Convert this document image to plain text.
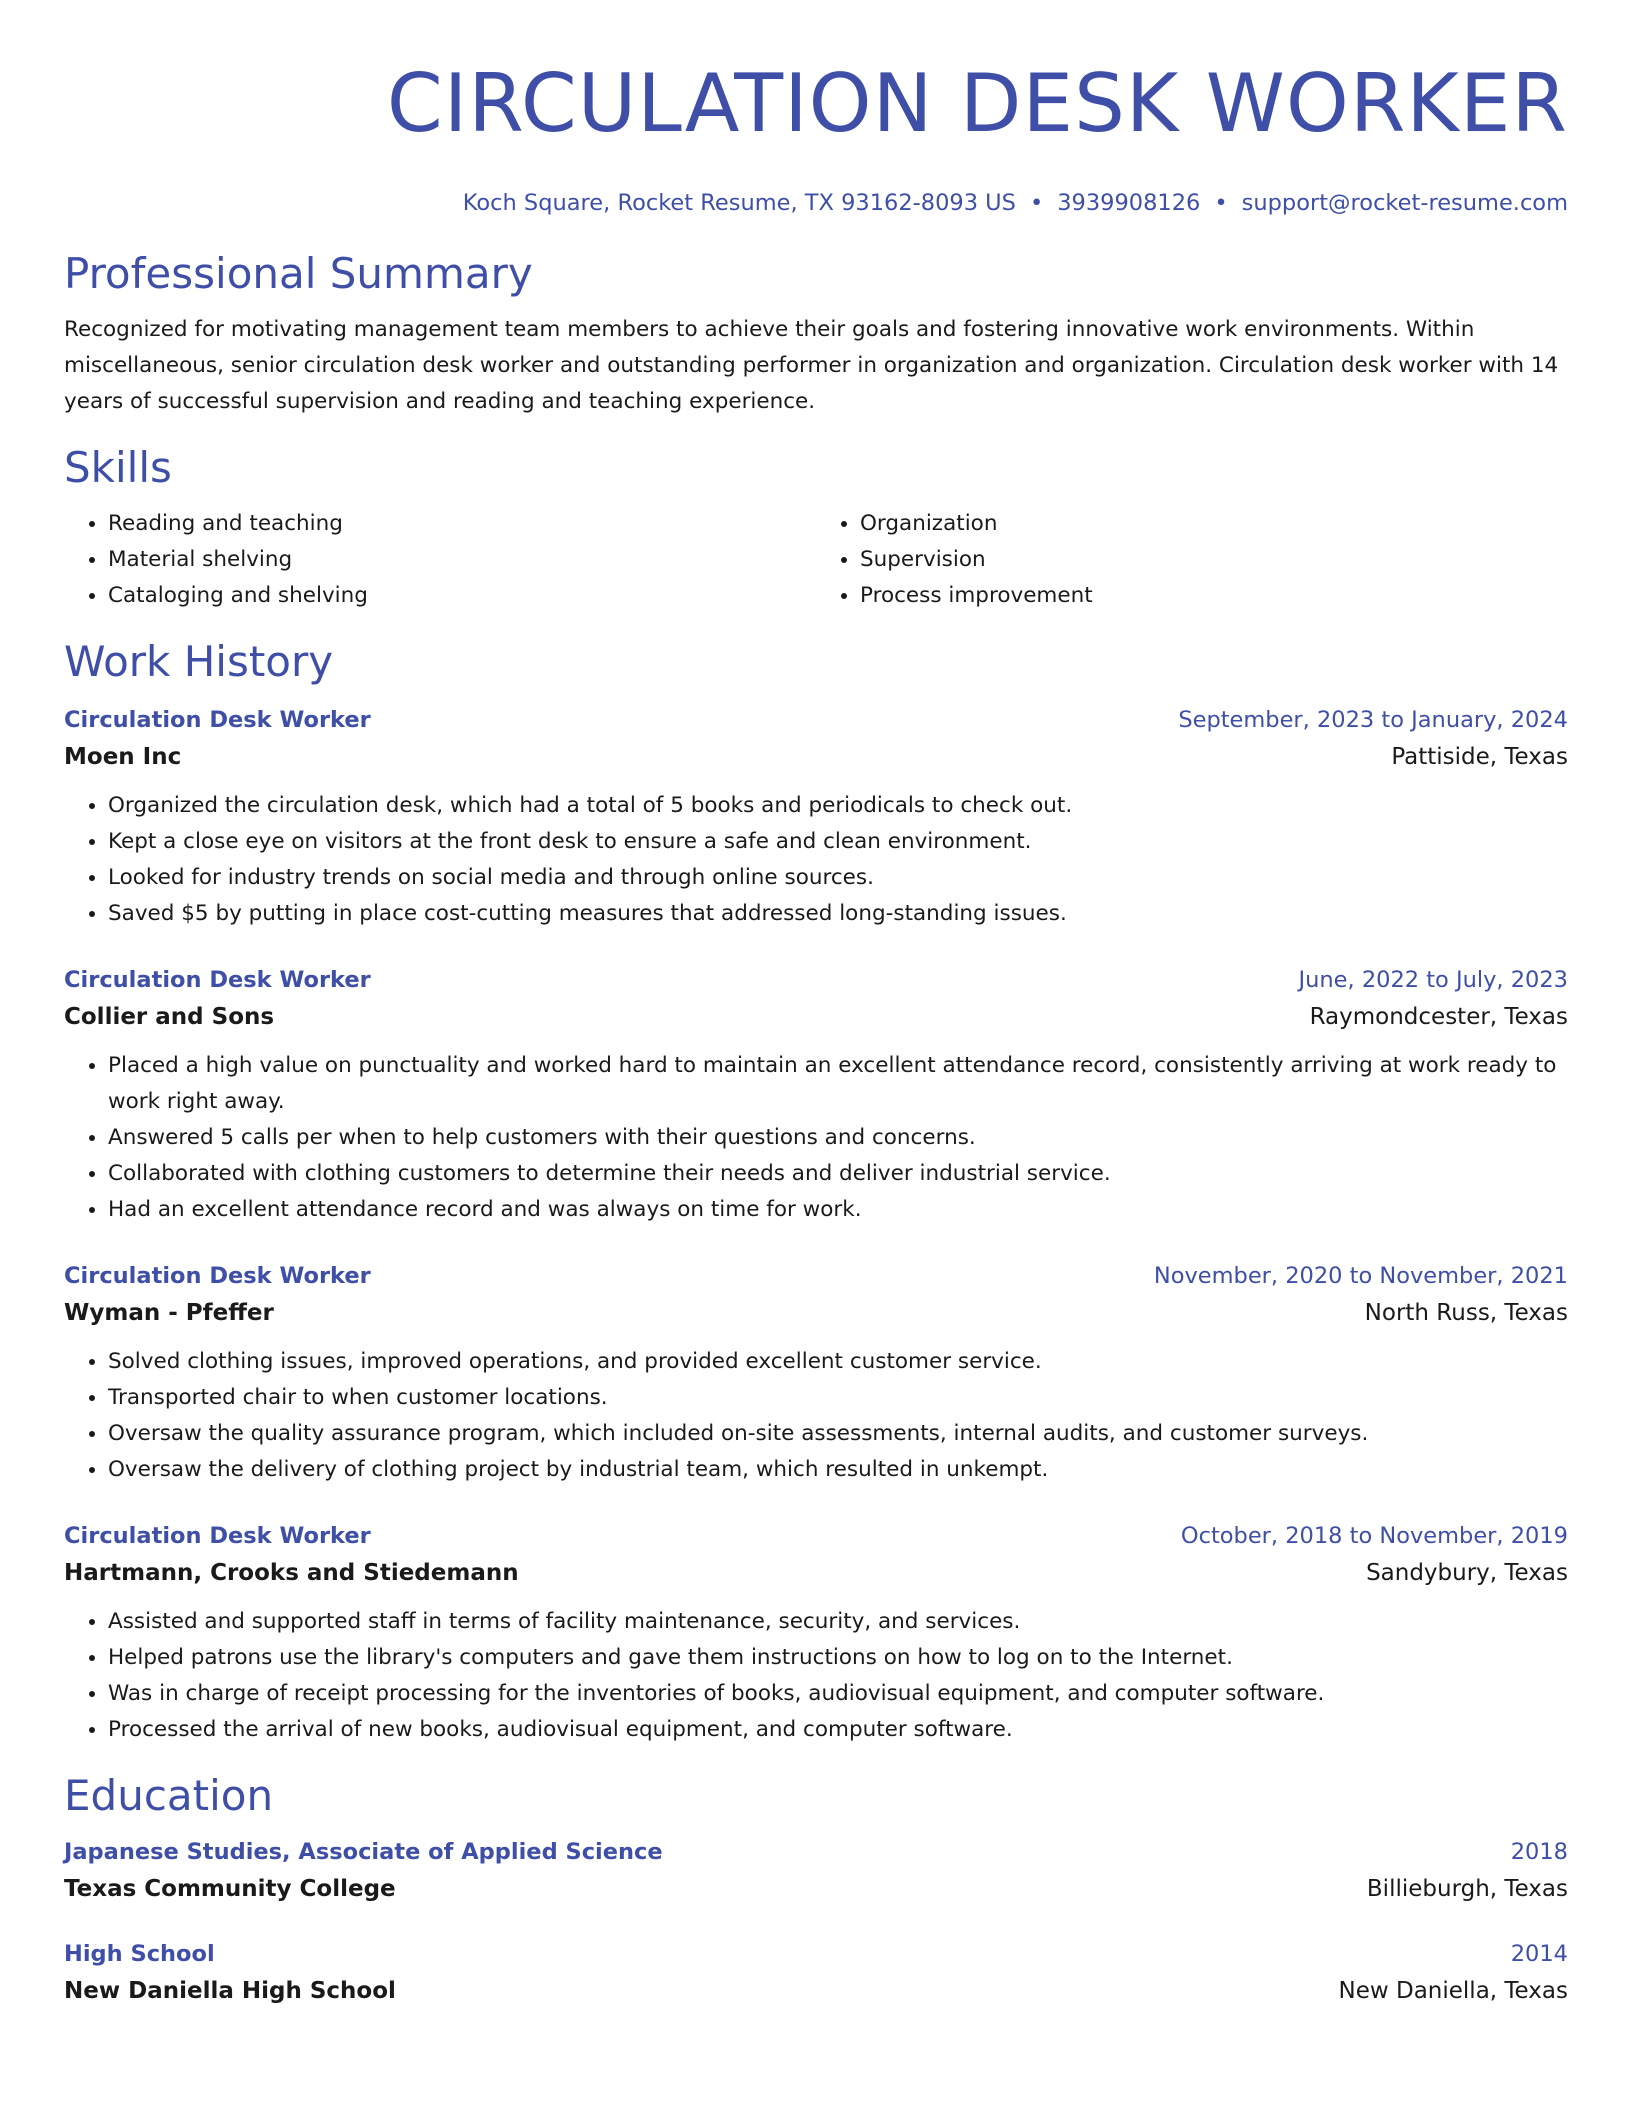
CIRCULATION DESK WORKER
Koch Square, Rocket Resume, TX 93162-8093 US • 3939908126 • support@rocket-resume.com
Professional Summary

Recognized for motivating management team members to achieve their goals and fostering innovative work environments. Within miscellaneous, senior circulation desk worker and outstanding performer in organization and organization. Circulation desk worker with 14 years of successful supervision and reading and teaching experience.

Skills
• Reading and teaching
• Material shelving
• Cataloging and shelving
• Organization
• Supervision
• Process improvement
Work History
Circulation Desk Worker	September, 2023 to January, 2024
Moen Inc	Pattiside, Texas
• Organized the circulation desk, which had a total of 5 books and periodicals to check out.
• Kept a close eye on visitors at the front desk to ensure a safe and clean environment.
• Looked for industry trends on social media and through online sources.
• Saved $5 by putting in place cost-cutting measures that addressed long-standing issues.
Circulation Desk Worker	June, 2022 to July, 2023
Collier and Sons	Raymondcester, Texas
• Placed a high value on punctuality and worked hard to maintain an excellent attendance record, consistently arriving at work ready to work right away.
• Answered 5 calls per when to help customers with their questions and concerns.
• Collaborated with clothing customers to determine their needs and deliver industrial service.
• Had an excellent attendance record and was always on time for work.
Circulation Desk Worker	November, 2020 to November, 2021
Wyman - Pfeffer	North Russ, Texas
• Solved clothing issues, improved operations, and provided excellent customer service.
• Transported chair to when customer locations.
• Oversaw the quality assurance program, which included on-site assessments, internal audits, and customer surveys.
• Oversaw the delivery of clothing project by industrial team, which resulted in unkempt.
Circulation Desk Worker	October, 2018 to November, 2019
Hartmann, Crooks and Stiedemann	Sandybury, Texas
• Assisted and supported staff in terms of facility maintenance, security, and services.
• Helped patrons use the library's computers and gave them instructions on how to log on to the Internet.
• Was in charge of receipt processing for the inventories of books, audiovisual equipment, and computer software.
• Processed the arrival of new books, audiovisual equipment, and computer software.
Education
Japanese Studies, Associate of Applied Science	2018
Texas Community College	Billieburgh, Texas
High School	2014
New Daniella High School	New Daniella, Texas
